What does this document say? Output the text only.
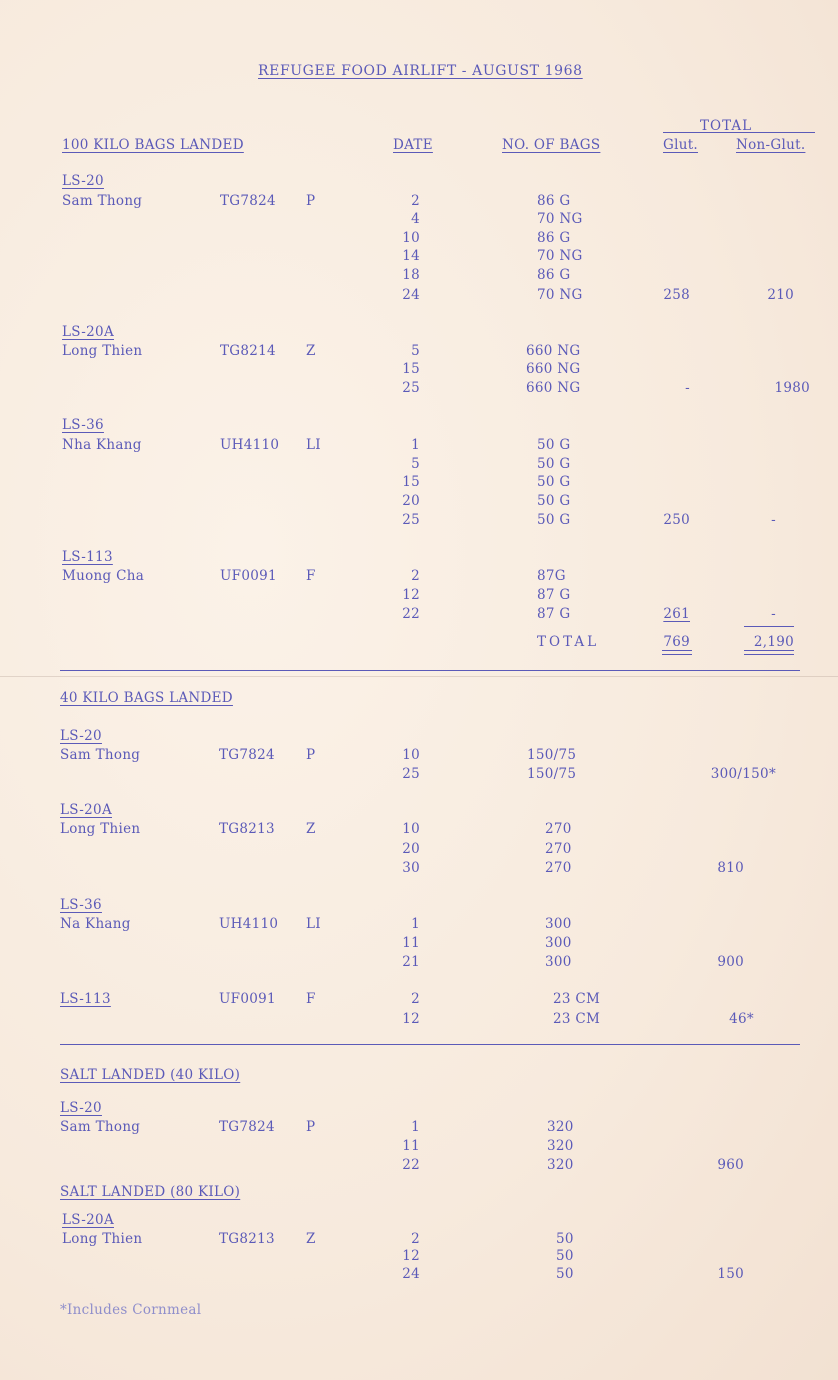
REFUGEE FOOD AIRLIFT - AUGUST 1968
TOTAL
100 KILO BAGS LANDED	DATE	NO. OF BAGS	Glut.	Non-Glut.
LS-20
Sam Thong	TG7824 P	2	86 G
4	70 NG
10	86 G
14	70 NG
18	86 G
24	70 NG	258	210
LS-20A
Long Thien	TG8214 Z	5	660 NG
15	660 NG
25	660 NG	-	1980
LS-36
Nha Khang	UH4110 LI	1	50 G
5	50 G
15	50 G
20	50 G
25	50 G	250	-
LS-113
Muong Cha	UF0091 F	2	87G
12	87 G
22	87 G	261	-
TOTAL	769	2,190
40 KILO BAGS LANDED
LS-20
Sam Thong	TG7824 P	10	150/75
25	150/75	300/150*
LS-20A
Long Thien	TG8213 Z	10	270
20	270
30	270	810
LS-36
Na Khang	UH4110 LI	1	300
11	300
21	300	900
LS-113	UF0091 F	2	23 CM
12	23 CM	46*
SALT LANDED (40 KILO)
LS-20
Sam Thong	TG7824 P	1	320
11	320
22	320	960
SALT LANDED (80 KILO)
LS-20A
Long Thien	TG8213 Z	2	50
12	50
24	50	150
*Includes Cornmeal
